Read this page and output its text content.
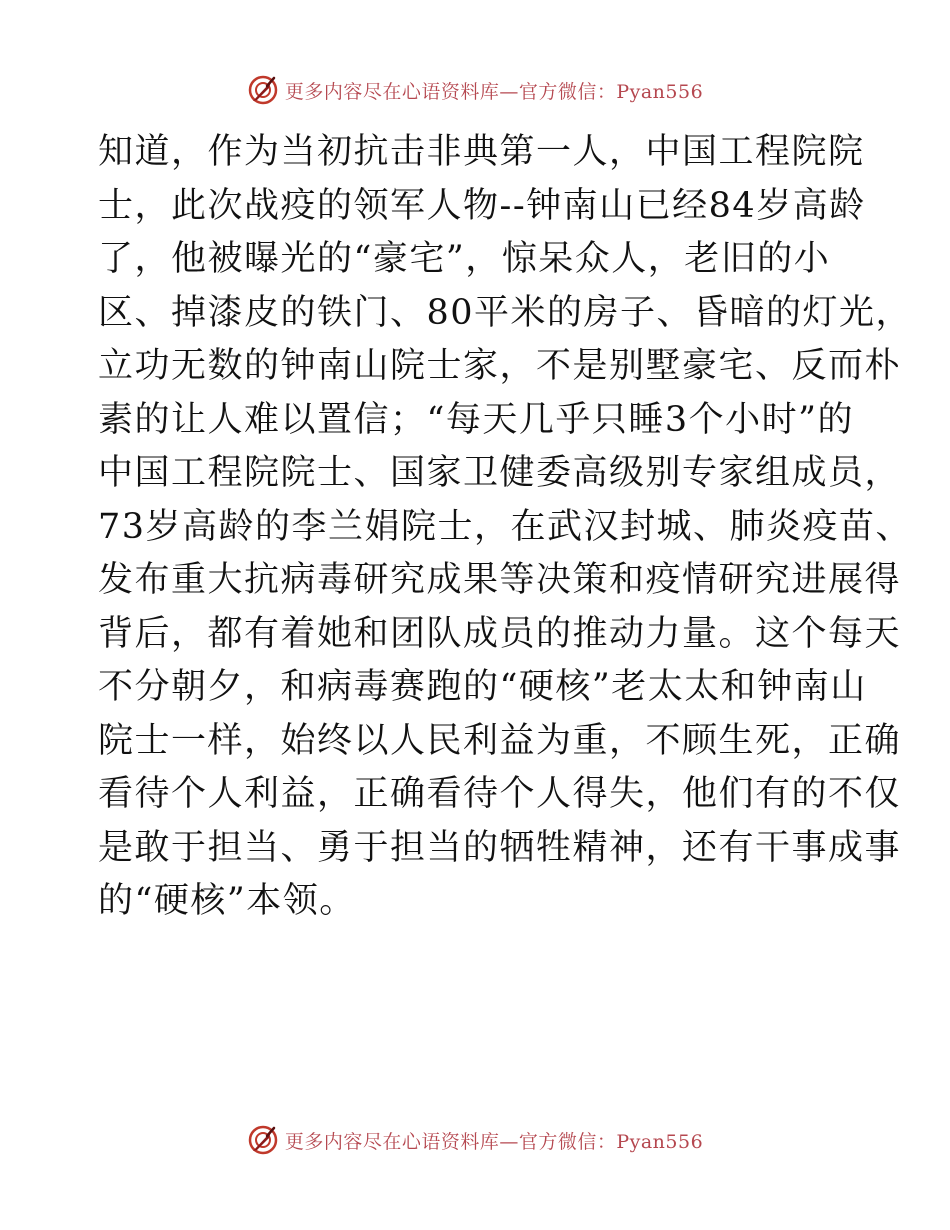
更多内容尽在心语资料库—官方微信：Pyan556
知道，作为当初抗击非典第一人，中国工程院院
士，此次战疫的领军人物--钟南山已经84岁高龄
了，他被曝光的“豪宅”，惊呆众人，老旧的小
区、掉漆皮的铁门、80平米的房子、昏暗的灯光，
立功无数的钟南山院士家，不是别墅豪宅、反而朴
素的让人难以置信；“每天几乎只睡3个小时”的
中国工程院院士、国家卫健委高级别专家组成员，
73岁高龄的李兰娟院士，在武汉封城、肺炎疫苗、
发布重大抗病毒研究成果等决策和疫情研究进展得
背后，都有着她和团队成员的推动力量。这个每天
不分朝夕，和病毒赛跑的“硬核”老太太和钟南山
院士一样，始终以人民利益为重，不顾生死，正确
看待个人利益，正确看待个人得失，他们有的不仅
是敢于担当、勇于担当的牺牲精神，还有干事成事
的“硬核”本领。
更多内容尽在心语资料库—官方微信：Pyan556
